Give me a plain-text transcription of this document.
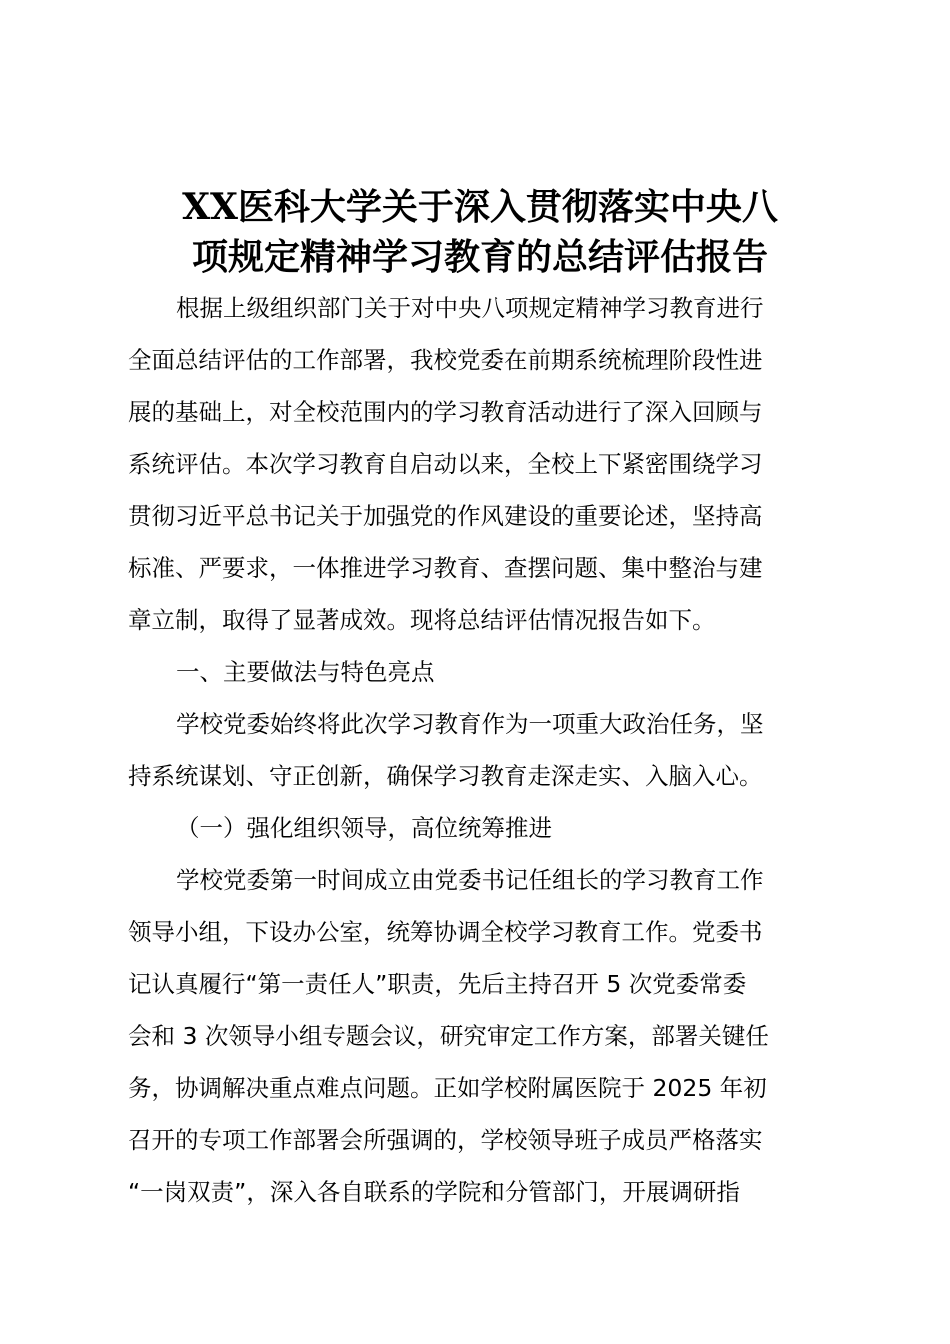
XX医科大学关于深入贯彻落实中央八
项规定精神学习教育的总结评估报告
根据上级组织部门关于对中央八项规定精神学习教育进行
全面总结评估的工作部署，我校党委在前期系统梳理阶段性进
展的基础上，对全校范围内的学习教育活动进行了深入回顾与
系统评估。本次学习教育自启动以来，全校上下紧密围绕学习
贯彻习近平总书记关于加强党的作风建设的重要论述，坚持高
标准、严要求，一体推进学习教育、查摆问题、集中整治与建
章立制，取得了显著成效。现将总结评估情况报告如下。
一、主要做法与特色亮点
学校党委始终将此次学习教育作为一项重大政治任务，坚
持系统谋划、守正创新，确保学习教育走深走实、入脑入心。
（一）强化组织领导，高位统筹推进
学校党委第一时间成立由党委书记任组长的学习教育工作
领导小组，下设办公室，统筹协调全校学习教育工作。党委书
记认真履行“第一责任人”职责，先后主持召开 5 次党委常委
会和 3 次领导小组专题会议，研究审定工作方案，部署关键任
务，协调解决重点难点问题。正如学校附属医院于 2025 年初
召开的专项工作部署会所强调的，学校领导班子成员严格落实
“一岗双责”，深入各自联系的学院和分管部门，开展调研指
